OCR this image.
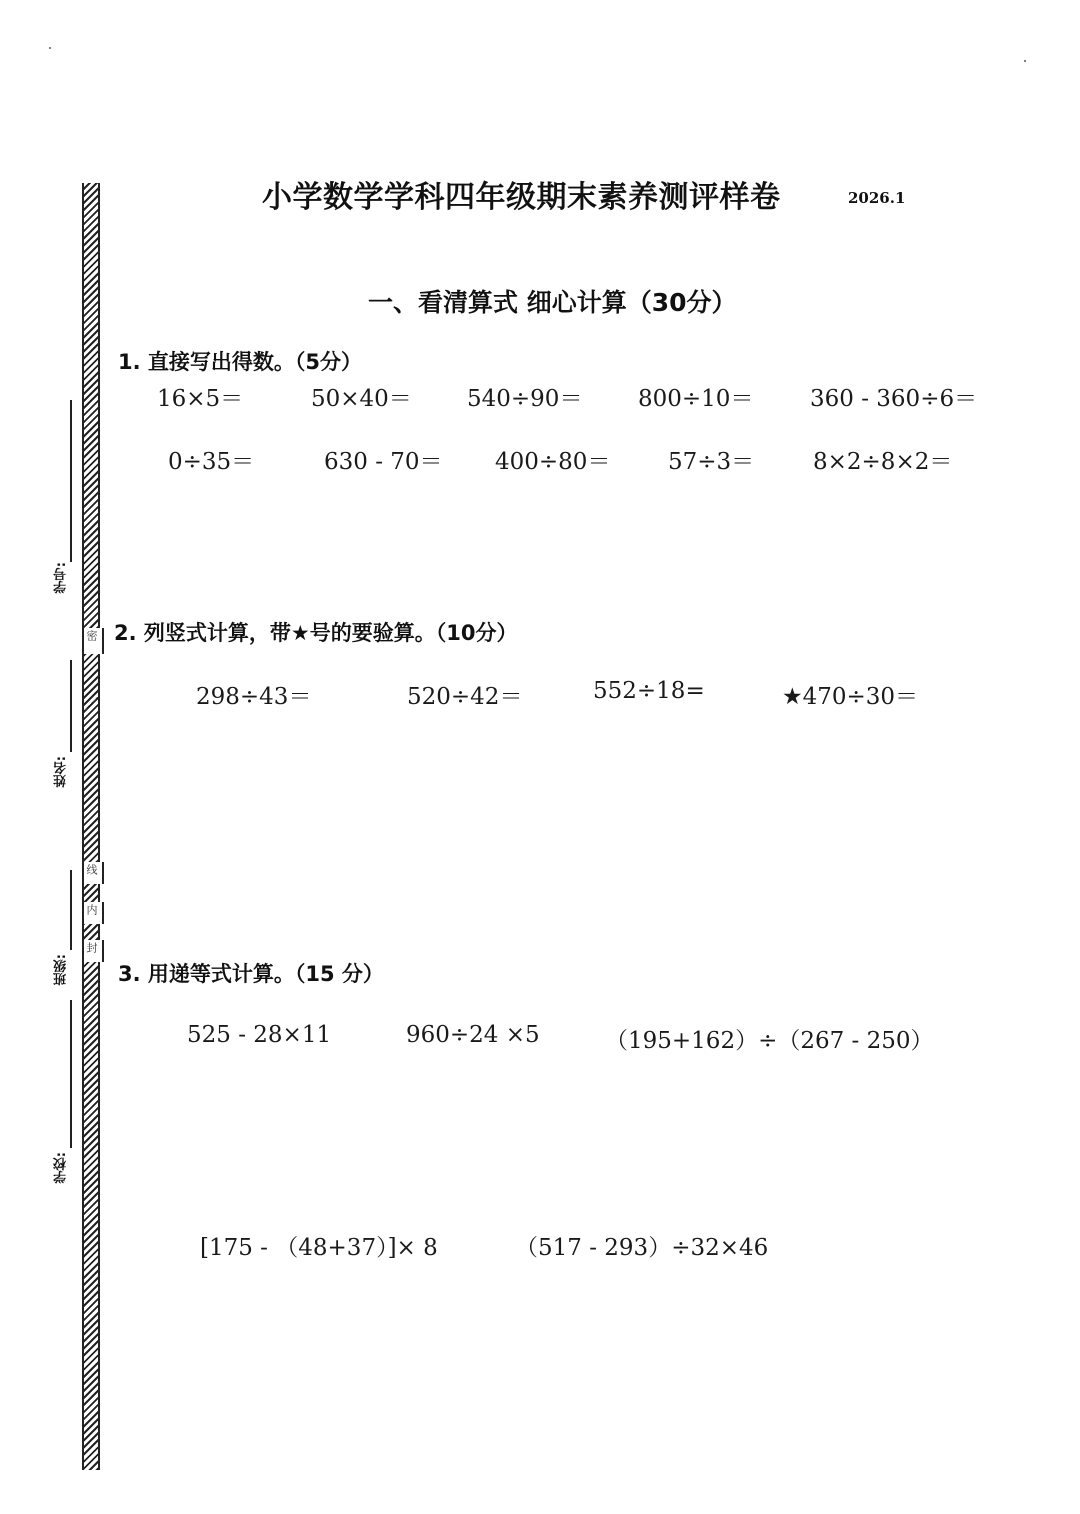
线
内
封
密
学号:
姓名:
班级:
学校:
小学数学学科四年级期末素养测评样卷	2026.1
一、看清算式 细心计算（30分）
1. 直接写出得数。（5分）
16×5＝	50×40＝ 540÷90＝ 800÷10＝ 360 - 360÷6＝
0÷35＝	630 - 70＝ 400÷80＝	57÷3＝	8×2÷8×2＝
2. 列竖式计算，带★号的要验算。（10分）
298÷43＝	520÷42＝	552÷18=	★470÷30＝
3. 用递等式计算。（15 分）
525 - 28×11	960÷24 ×5	（195+162）÷（267 - 250）
[175 - （48+37）]× 8	（517 - 293）÷32×46
